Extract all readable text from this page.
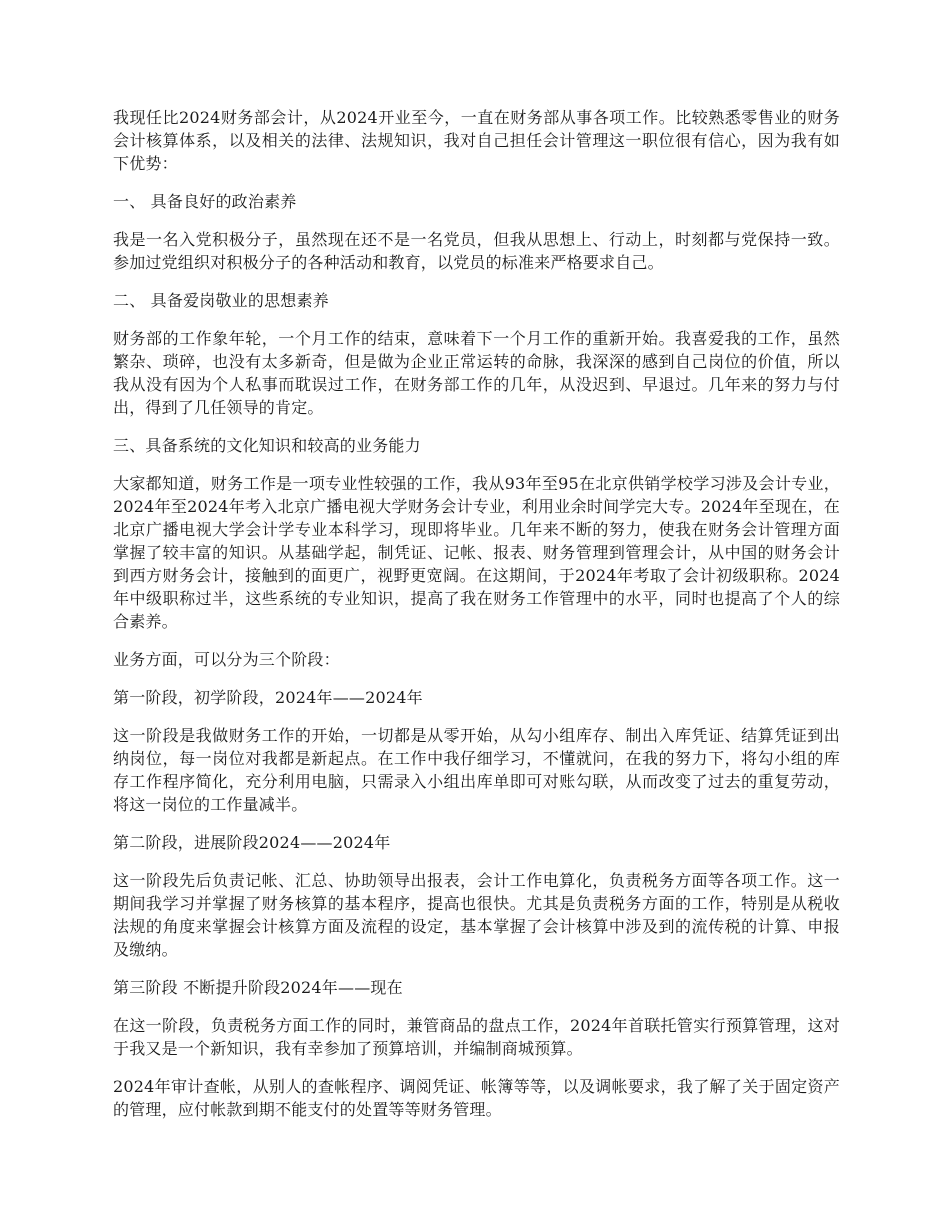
我现任比2024财务部会计，从2024开业至今，一直在财务部从事各项工作。比较熟悉零售业的财务会计核算体系，以及相关的法律、法规知识，我对自己担任会计管理这一职位很有信心，因为我有如下优势：

一、 具备良好的政治素养

我是一名入党积极分子，虽然现在还不是一名党员，但我从思想上、行动上，时刻都与党保持一致。参加过党组织对积极分子的各种活动和教育，以党员的标准来严格要求自己。

二、 具备爱岗敬业的思想素养

财务部的工作象年轮，一个月工作的结束，意味着下一个月工作的重新开始。我喜爱我的工作，虽然繁杂、琐碎，也没有太多新奇，但是做为企业正常运转的命脉，我深深的感到自己岗位的价值，所以我从没有因为个人私事而耽误过工作，在财务部工作的几年，从没迟到、早退过。几年来的努力与付出，得到了几任领导的肯定。

三、具备系统的文化知识和较高的业务能力

大家都知道，财务工作是一项专业性较强的工作，我从93年至95在北京供销学校学习涉及会计专业，2024年至2024年考入北京广播电视大学财务会计专业，利用业余时间学完大专。2024年至现在，在北京广播电视大学会计学专业本科学习，现即将毕业。几年来不断的努力，使我在财务会计管理方面掌握了较丰富的知识。从基础学起，制凭证、记帐、报表、财务管理到管理会计，从中国的财务会计到西方财务会计，接触到的面更广，视野更宽阔。在这期间，于2024年考取了会计初级职称。2024年中级职称过半，这些系统的专业知识，提高了我在财务工作管理中的水平，同时也提高了个人的综合素养。

业务方面，可以分为三个阶段：

第一阶段，初学阶段，2024年——2024年

这一阶段是我做财务工作的开始，一切都是从零开始，从勾小组库存、制出入库凭证、结算凭证到出纳岗位，每一岗位对我都是新起点。在工作中我仔细学习，不懂就问，在我的努力下，将勾小组的库存工作程序简化，充分利用电脑，只需录入小组出库单即可对账勾联，从而改变了过去的重复劳动，将这一岗位的工作量减半。

第二阶段，进展阶段2024——2024年

这一阶段先后负责记帐、汇总、协助领导出报表，会计工作电算化，负责税务方面等各项工作。这一期间我学习并掌握了财务核算的基本程序，提高也很快。尤其是负责税务方面的工作，特别是从税收法规的角度来掌握会计核算方面及流程的设定，基本掌握了会计核算中涉及到的流传税的计算、申报及缴纳。

第三阶段 不断提升阶段2024年——现在

在这一阶段，负责税务方面工作的同时，兼管商品的盘点工作，2024年首联托管实行预算管理，这对于我又是一个新知识，我有幸参加了预算培训，并编制商城预算。

2024年审计查帐，从别人的查帐程序、调阅凭证、帐簿等等，以及调帐要求，我了解了关于固定资产的管理，应付帐款到期不能支付的处置等等财务管理。
